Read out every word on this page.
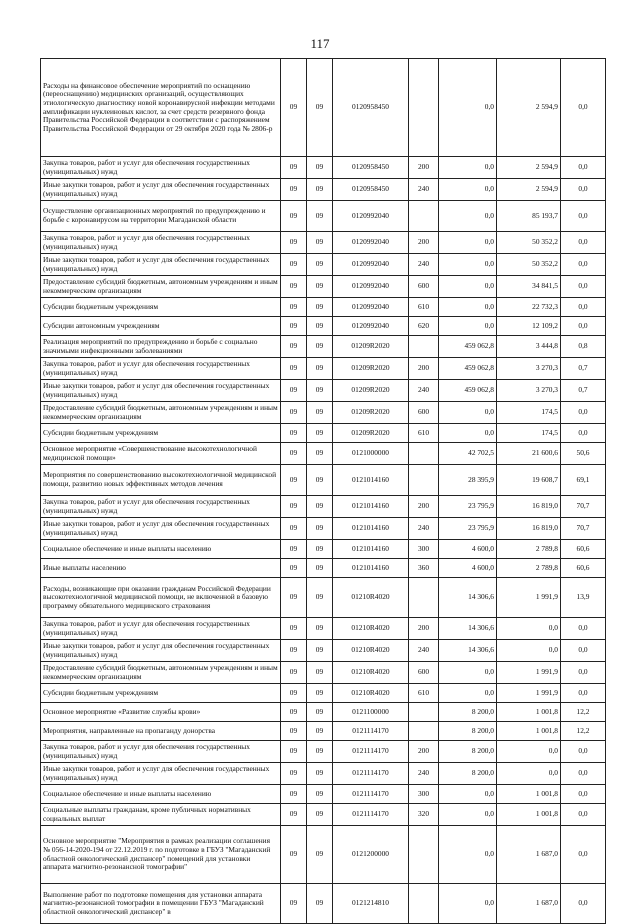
117
Расходы на финансовое обеспечение мероприятий по оснащению (переоснащению) медицинских организаций, осуществляющих этиологическую диагностику новой коронавирусной инфекции методами амплификации нуклеиновых кислот, за счет средств резервного фонда Правительства Российской Федерации в соответствии с распоряжением Правительства Российской Федерации от 29 октября 2020 года № 2806-р	09	09	0120958450		0,0	2 594,9	0,0
Закупка товаров, работ и услуг для обеспечения государственных (муниципальных) нужд	09	09	0120958450	200	0,0	2 594,9	0,0
Иные закупки товаров, работ и услуг для обеспечения государственных (муниципальных) нужд	09	09	0120958450	240	0,0	2 594,9	0,0
Осуществление организационных мероприятий по предупреждению и борьбе с коронавирусом на территории Магаданской области	09	09	0120992040		0,0	85 193,7	0,0
Закупка товаров, работ и услуг для обеспечения государственных (муниципальных) нужд	09	09	0120992040	200	0,0	50 352,2	0,0
Иные закупки товаров, работ и услуг для обеспечения государственных (муниципальных) нужд	09	09	0120992040	240	0,0	50 352,2	0,0
Предоставление субсидий бюджетным, автономным учреждениям и иным некоммерческим организациям	09	09	0120992040	600	0,0	34 841,5	0,0
Субсидии бюджетным учреждениям	09	09	0120992040	610	0,0	22 732,3	0,0
Субсидии автономным учреждениям	09	09	0120992040	620	0,0	12 109,2	0,0
Реализация мероприятий по предупреждению и борьбе с социально значимыми инфекционными заболеваниями	09	09	01209R2020		459 062,8	3 444,8	0,8
Закупка товаров, работ и услуг для обеспечения государственных (муниципальных) нужд	09	09	01209R2020	200	459 062,8	3 270,3	0,7
Иные закупки товаров, работ и услуг для обеспечения государственных (муниципальных) нужд	09	09	01209R2020	240	459 062,8	3 270,3	0,7
Предоставление субсидий бюджетным, автономным учреждениям и иным некоммерческим организациям	09	09	01209R2020	600	0,0	174,5	0,0
Субсидии бюджетным учреждениям	09	09	01209R2020	610	0,0	174,5	0,0
Основное мероприятие «Совершенствование высокотехнологичной медицинской помощи»	09	09	0121000000		42 702,5	21 600,6	50,6
Мероприятия по совершенствованию высокотехнологичной медицинской помощи, развитию новых эффективных методов лечения	09	09	0121014160		28 395,9	19 608,7	69,1
Закупка товаров, работ и услуг для обеспечения государственных (муниципальных) нужд	09	09	0121014160	200	23 795,9	16 819,0	70,7
Иные закупки товаров, работ и услуг для обеспечения государственных (муниципальных) нужд	09	09	0121014160	240	23 795,9	16 819,0	70,7
Социальное обеспечение и иные выплаты населению	09	09	0121014160	300	4 600,0	2 789,8	60,6
Иные выплаты населению	09	09	0121014160	360	4 600,0	2 789,8	60,6
Расходы, возникающие при оказании гражданам Российской Федерации высокотехнологичной медицинской помощи, не включенной в базовую программу обязательного медицинского страхования	09	09	01210R4020		14 306,6	1 991,9	13,9
Закупка товаров, работ и услуг для обеспечения государственных (муниципальных) нужд	09	09	01210R4020	200	14 306,6	0,0	0,0
Иные закупки товаров, работ и услуг для обеспечения государственных (муниципальных) нужд	09	09	01210R4020	240	14 306,6	0,0	0,0
Предоставление субсидий бюджетным, автономным учреждениям и иным некоммерческим организациям	09	09	01210R4020	600	0,0	1 991,9	0,0
Субсидии бюджетным учреждениям	09	09	01210R4020	610	0,0	1 991,9	0,0
Основное мероприятие «Развитие службы крови»	09	09	0121100000		8 200,0	1 001,8	12,2
Мероприятия, направленные на пропаганду донорства	09	09	0121114170		8 200,0	1 001,8	12,2
Закупка товаров, работ и услуг для обеспечения государственных (муниципальных) нужд	09	09	0121114170	200	8 200,0	0,0	0,0
Иные закупки товаров, работ и услуг для обеспечения государственных (муниципальных) нужд	09	09	0121114170	240	8 200,0	0,0	0,0
Социальное обеспечение и иные выплаты населению	09	09	0121114170	300	0,0	1 001,8	0,0
Социальные выплаты гражданам, кроме публичных нормативных социальных выплат	09	09	0121114170	320	0,0	1 001,8	0,0
Основное мероприятие "Мероприятия в рамках реализации соглашения № 056-14-2020-194 от 22.12.2019 г. по подготовке в ГБУЗ "Магаданский областной онкологический диспансер" помещений для установки аппарата магнитно-резонансной томографии"	09	09	0121200000		0,0	1 687,0	0,0
Выполнение работ по подготовке помещения для установки аппарата магнитно-резонансной томографии в помещении ГБУЗ "Магаданский областной онкологический диспансер" в	09	09	0121214810		0,0	1 687,0	0,0
